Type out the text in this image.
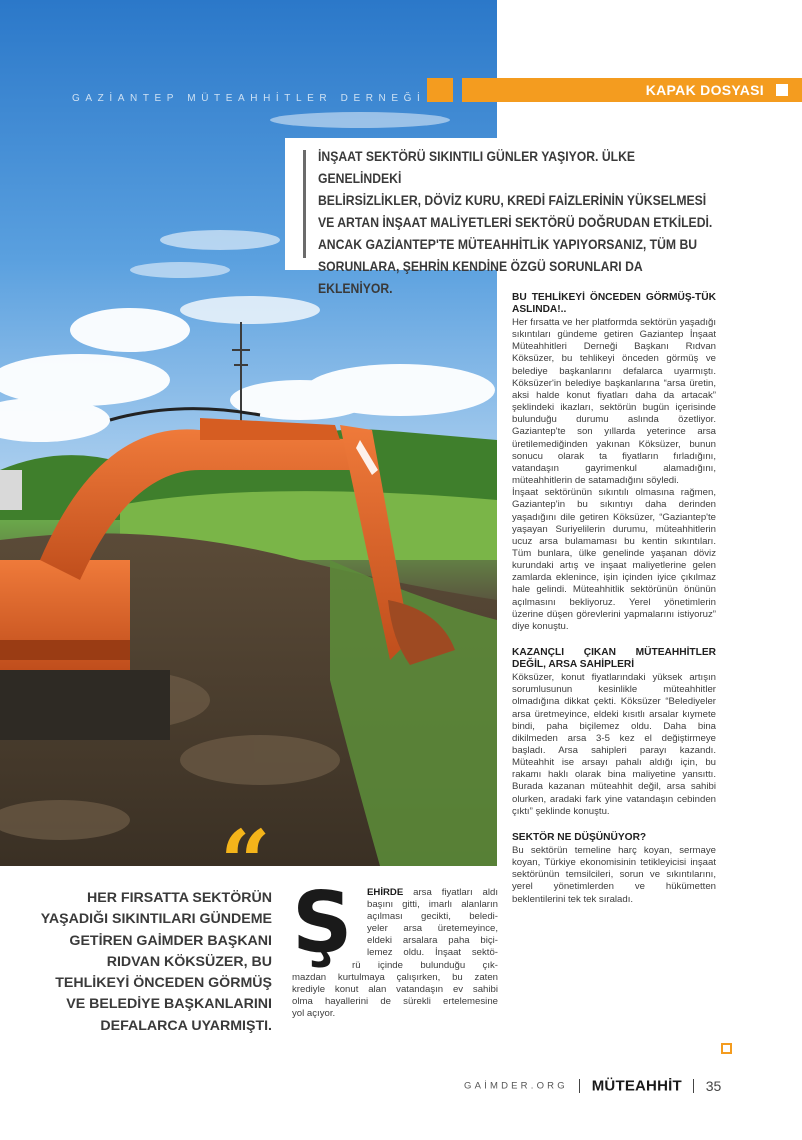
GAZİANTEP MÜTEAHHİTLER DERNEĞİ
KAPAK DOSYASI
İNŞAAT SEKTÖRÜ SIKINTILI GÜNLER YAŞIYOR. ÜLKE GENELİNDEKİ
BELİRSİZLİKLER, DÖVİZ KURU, KREDİ FAİZLERİNİN YÜKSELMESİ
VE ARTAN İNŞAAT MALİYETLERİ SEKTÖRÜ DOĞRUDAN ETKİLEDİ.
ANCAK GAZİANTEP'TE MÜTEAHHİTLİK YAPIYORSANIZ, TÜM BU
SORUNLARA, ŞEHRİN KENDİNE ÖZGÜ SORUNLARI DA EKLENİYOR.
BU TEHLİKEYİ ÖNCEDEN GÖRMÜŞ-TÜK ASLINDA!..

Her fırsatta ve her platformda sektörün yaşadığı sıkıntıları gündeme getiren Gaziantep İnşaat Müteahhitleri Derneği Başkanı Rıdvan Köksüzer, bu tehlikeyi önceden görmüş ve belediye başkanlarını defalarca uyarmıştı. Köksüzer'in belediye başkanlarına “arsa üretin, aksi halde konut fiyatları daha da artacak” şeklindeki ikazları, sektörün bugün içerisinde bulunduğu durumu aslında özetliyor. Gaziantep'te son yıllarda yeterince arsa üretilemediğinden yakınan Köksüzer, bunun sonucu olarak ta fiyatların fırladığını, vatandaşın gayrimenkul alamadığını, müteahhitlerin de satamadığını söyledi.

İnşaat sektörünün sıkıntılı olmasına rağmen, Gaziantep'in bu sıkıntıyı daha derinden yaşadığını dile getiren Köksüzer, “Gaziantep'te yaşayan Suriyelilerin durumu, müteahhitlerin ucuz arsa bulamaması bu kentin sıkıntıları. Tüm bunlara, ülke genelinde yaşanan döviz kurundaki artış ve inşaat maliyetlerine gelen zamlarda eklenince, işin içinden iyice çıkılmaz hale gelindi. Müteahhitlik sektörünün önünün açılmasını bekliyoruz. Yerel yönetimlerin üzerine düşen görevlerini yapmalarını istiyoruz” diye konuştu.

KAZANÇLI ÇIKAN MÜTEAHHİTLER DEĞİL, ARSA SAHİPLERİ

Köksüzer, konut fiyatlarındaki yüksek artışın sorumlusunun kesinlikle müteahhitler olmadığına dikkat çekti. Köksüzer “Belediyeler arsa üretmeyince, eldeki kısıtlı arsalar kıymete bindi, paha biçilemez oldu. Daha bina dikilmeden arsa 3-5 kez el değiştirmeye başladı. Arsa sahipleri parayı kazandı. Müteahhit ise arsayı pahalı aldığı için, bu rakamı haklı olarak bina maliyetine yansıttı. Burada kazanan müteahhit değil, arsa sahibi olurken, aradaki fark yine vatandaşın cebinden çıktı” şeklinde konuştu.

SEKTÖR NE DÜŞÜNÜYOR?

Bu sektörün temeline harç koyan, sermaye koyan, Türkiye ekonomisinin tetikleyicisi inşaat sektörünün temsilcileri, sorun ve sıkıntılarını, yerel yönetimlerden ve hükümetten beklentilerini tek tek sıraladı.

“
HER FIRSATTA SEKTÖRÜN YAŞADIĞI SIKINTILARI GÜNDEME GETİREN GAİMDER BAŞKANI RIDVAN KÖKSÜZER, BU TEHLİKEYİ ÖNCEDEN GÖRMÜŞ VE BELEDİYE BAŞKANLARINI DEFALARCA UYARMIŞTI.
Ş	EHİRDE arsa fiyatları aldı
başını gitti, imarlı alanların
açılması gecikti, beledi-
yeler arsa üretemeyince,
eldeki arsalara paha biçi-
lemez oldu. İnşaat sektö-
rü içinde bulunduğu çık-
mazdan kurtulmaya çalışırken, bu zaten
krediyle konut alan vatandaşın ev sahibi
olma hayallerini de sürekli ertelemesine
yol açıyor.
GAİMDER.ORG MÜTEAHHİT 35
